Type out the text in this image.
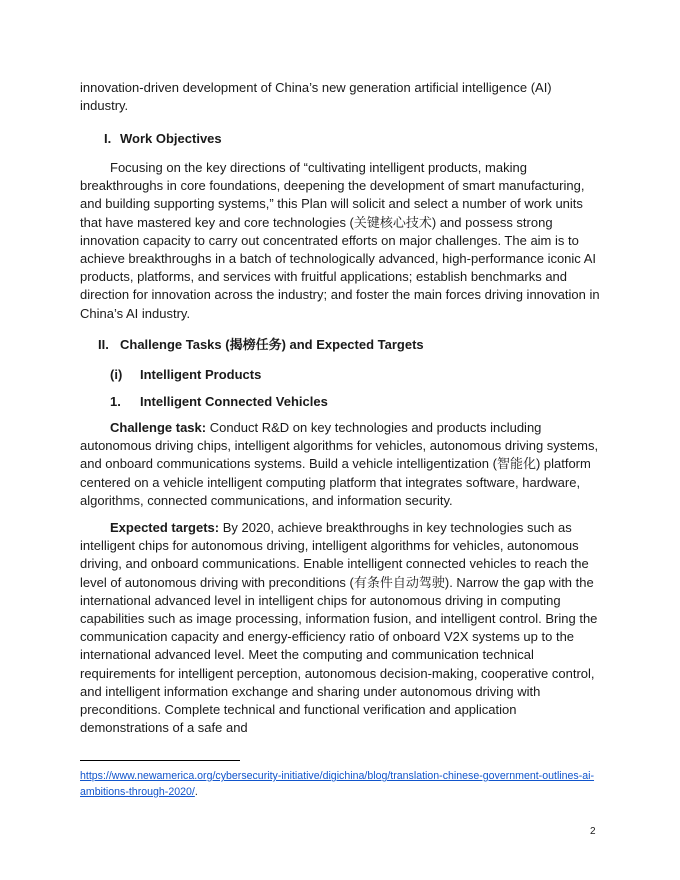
innovation-driven development of China’s new generation artificial intelligence (AI) industry.

I. Work Objectives

Focusing on the key directions of “cultivating intelligent products, making breakthroughs in core foundations, deepening the development of smart manufacturing, and building supporting systems,” this Plan will solicit and select a number of work units that have mastered key and core technologies (关键核心技术) and possess strong innovation capacity to carry out concentrated efforts on major challenges. The aim is to achieve breakthroughs in a batch of technologically advanced, high-performance iconic AI products, platforms, and services with fruitful applications; establish benchmarks and direction for innovation across the industry; and foster the main forces driving innovation in China’s AI industry.

II. Challenge Tasks (揭榜任务) and Expected Targets
(i) Intelligent Products
1. Intelligent Connected Vehicles

Challenge task: Conduct R&D on key technologies and products including autonomous driving chips, intelligent algorithms for vehicles, autonomous driving systems, and onboard communications systems. Build a vehicle intelligentization (智能化) platform centered on a vehicle intelligent computing platform that integrates software, hardware, algorithms, connected communications, and information security.

Expected targets: By 2020, achieve breakthroughs in key technologies such as intelligent chips for autonomous driving, intelligent algorithms for vehicles, autonomous driving, and onboard communications. Enable intelligent connected vehicles to reach the level of autonomous driving with preconditions (有条件自动驾驶). Narrow the gap with the international advanced level in intelligent chips for autonomous driving in computing capabilities such as image processing, information fusion, and intelligent control. Bring the communication capacity and energy-efficiency ratio of onboard V2X systems up to the international advanced level. Meet the computing and communication technical requirements for intelligent perception, autonomous decision-making, cooperative control, and intelligent information exchange and sharing under autonomous driving with preconditions. Complete technical and functional verification and application demonstrations of a safe and

https://www.newamerica.org/cybersecurity-initiative/digichina/blog/translation-chinese-government-outlines-ai-ambitions-through-2020/.
2
